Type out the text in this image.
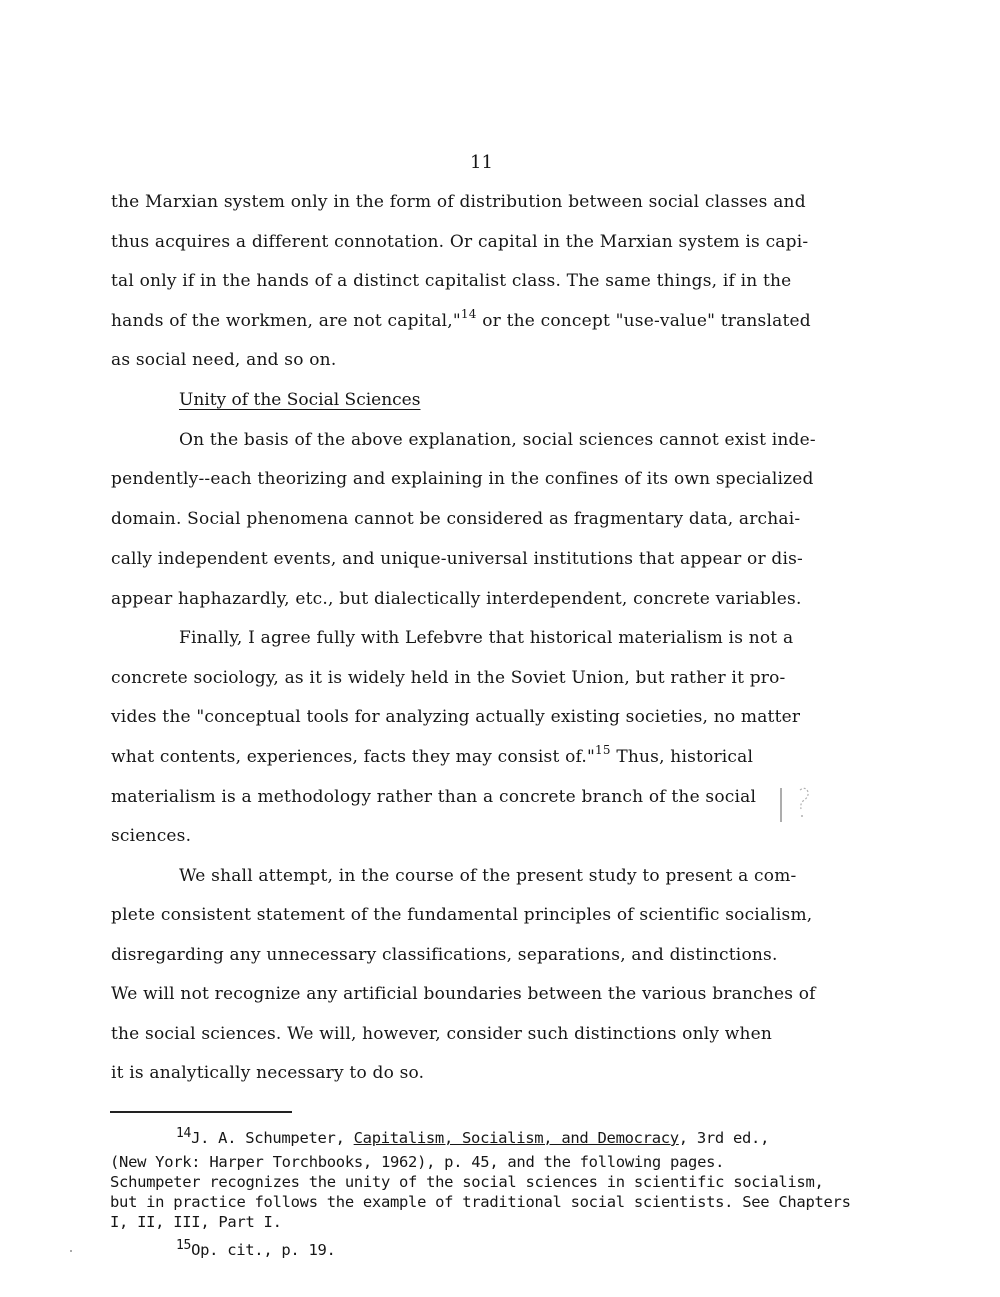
11
the Marxian system only in the form of distribution between social classes and
thus acquires a different connotation. Or capital in the Marxian system is capi-
tal only if in the hands of a distinct capitalist class. The same things, if in the
hands of the workmen, are not capital,"$^{14}$ or the concept "use-value" translated
as social need, and so on.
Unity of the Social Sciences
On the basis of the above explanation, social sciences cannot exist inde-
pendently--each theorizing and explaining in the confines of its own specialized
domain. Social phenomena cannot be considered as fragmentary data, archai-
cally independent events, and unique-universal institutions that appear or dis-
appear haphazardly, etc., but dialectically interdependent, concrete variables.
Finally, I agree fully with Lefebvre that historical materialism is not a
concrete sociology, as it is widely held in the Soviet Union, but rather it pro-
vides the "conceptual tools for analyzing actually existing societies, no matter
what contents, experiences, facts they may consist of."$^{15}$ Thus, historical
materialism is a methodology rather than a concrete branch of the social
sciences.
We shall attempt, in the course of the present study to present a com-
plete consistent statement of the fundamental principles of scientific socialism,
disregarding any unnecessary classifications, separations, and distinctions.
We will not recognize any artificial boundaries between the various branches of
the social sciences. We will, however, consider such distinctions only when
it is analytically necessary to do so.
$^{14}$J. A. Schumpeter, Capitalism, Socialism, and Democracy, 3rd ed.,
(New York: Harper Torchbooks, 1962), p. 45, and the following pages.
Schumpeter recognizes the unity of the social sciences in scientific socialism,
but in practice follows the example of traditional social scientists. See Chapters
I, II, III, Part I.
$^{15}$Op. cit., p. 19.
